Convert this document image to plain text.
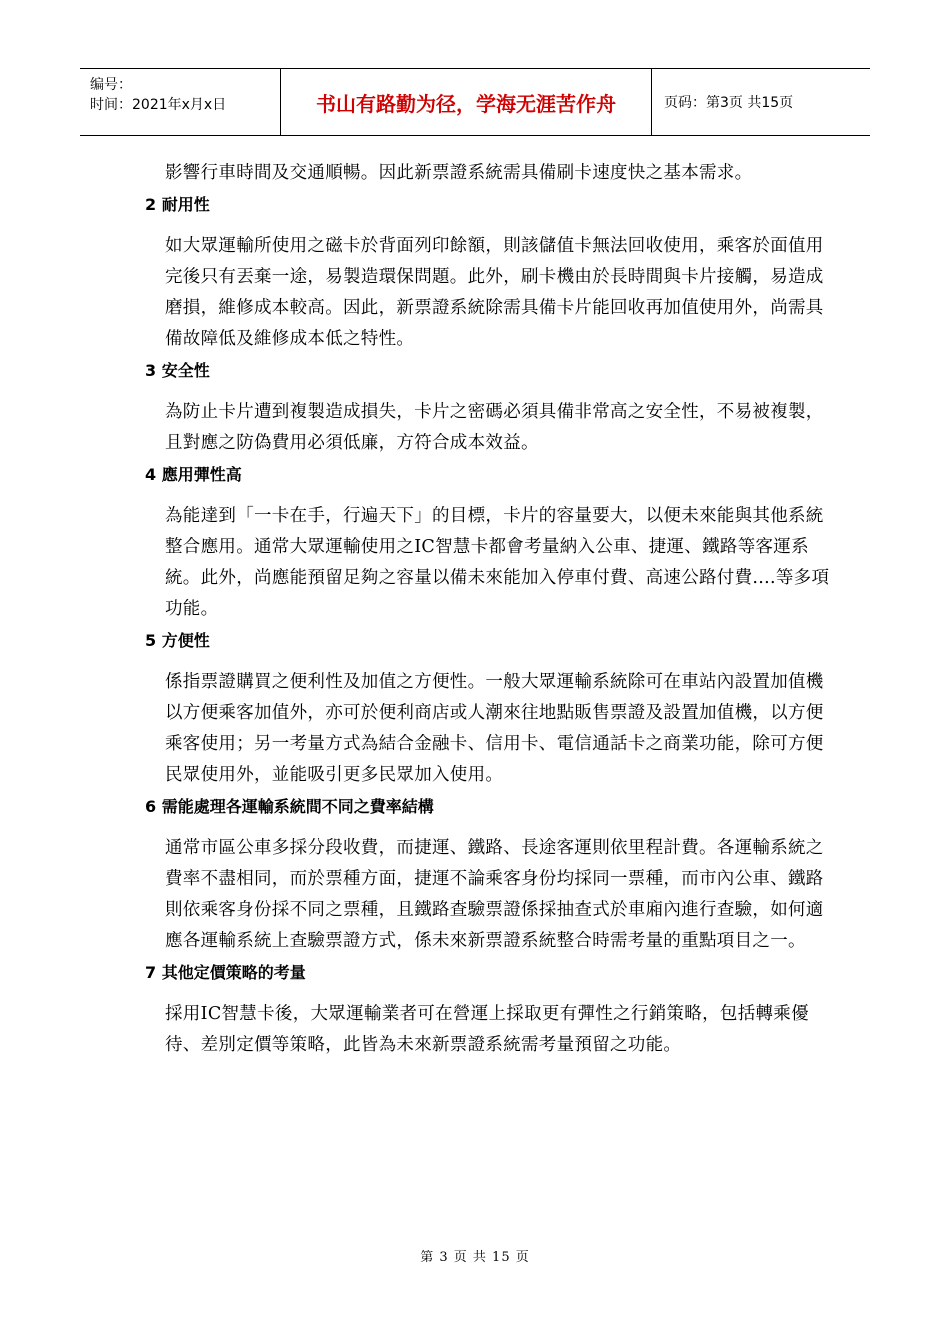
编号：
时间：2021年x月x日	书山有路勤为径，学海无涯苦作舟	页码：第3页 共15页

影響行車時間及交通順暢。因此新票證系統需具備刷卡速度快之基本需求。

2 耐用性

如大眾運輸所使用之磁卡於背面列印餘額，則該儲值卡無法回收使用，乘客於面值用完後只有丟棄一途，易製造環保問題。此外，刷卡機由於長時間與卡片接觸，易造成磨損，維修成本較高。因此，新票證系統除需具備卡片能回收再加值使用外，尚需具備故障低及維修成本低之特性。

3 安全性

為防止卡片遭到複製造成損失，卡片之密碼必須具備非常高之安全性，不易被複製，且對應之防偽費用必須低廉，方符合成本效益。

4 應用彈性高

為能達到「一卡在手，行遍天下」的目標，卡片的容量要大，以便未來能與其他系統整合應用。通常大眾運輸使用之IC智慧卡都會考量納入公車、捷運、鐵路等客運系統。此外，尚應能預留足夠之容量以備未來能加入停車付費、高速公路付費....等多項功能。

5 方便性

係指票證購買之便利性及加值之方便性。一般大眾運輸系統除可在車站內設置加值機以方便乘客加值外，亦可於便利商店或人潮來往地點販售票證及設置加值機，以方便乘客使用；另一考量方式為結合金融卡、信用卡、電信通話卡之商業功能，除可方便民眾使用外，並能吸引更多民眾加入使用。

6 需能處理各運輸系統間不同之費率結構

通常市區公車多採分段收費，而捷運、鐵路、長途客運則依里程計費。各運輸系統之費率不盡相同，而於票種方面，捷運不論乘客身份均採同一票種，而市內公車、鐵路則依乘客身份採不同之票種，且鐵路查驗票證係採抽查式於車廂內進行查驗，如何適應各運輸系統上查驗票證方式，係未來新票證系統整合時需考量的重點項目之一。

7 其他定價策略的考量

採用IC智慧卡後，大眾運輸業者可在營運上採取更有彈性之行銷策略，包括轉乘優待、差別定價等策略，此皆為未來新票證系統需考量預留之功能。

第 3 页 共 15 页
